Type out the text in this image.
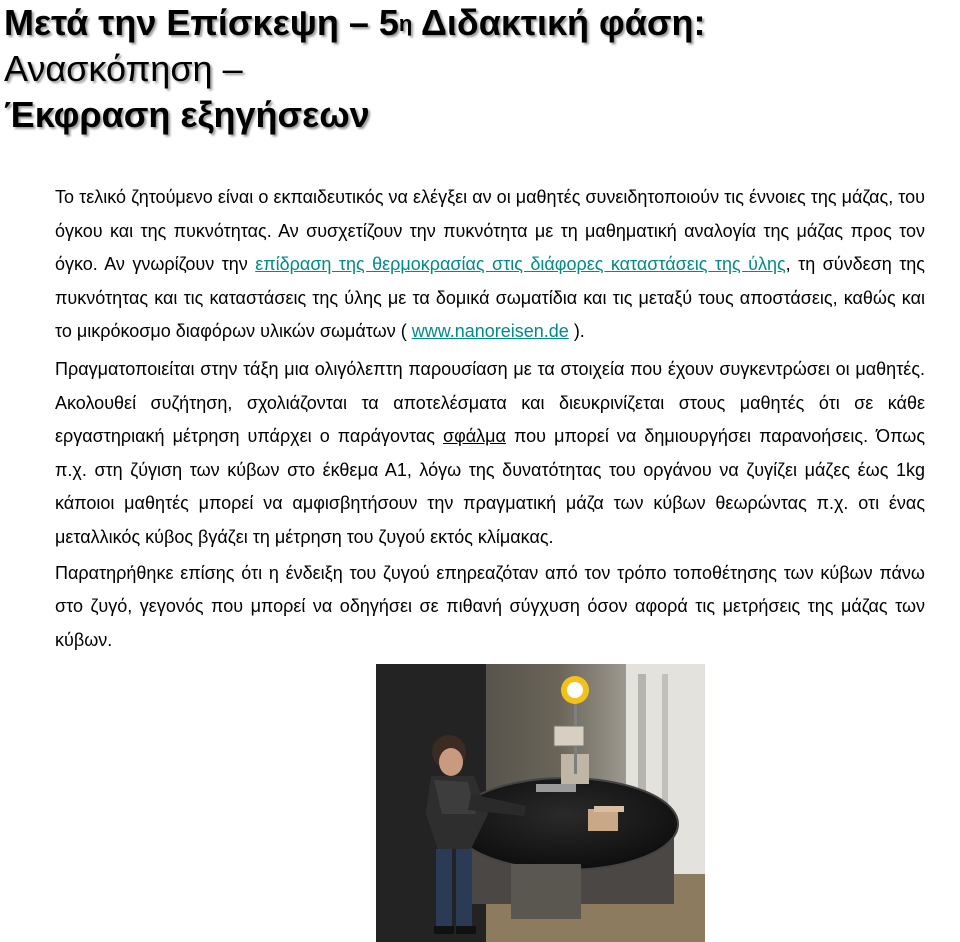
Μετά την Επίσκεψη – $5^\eta$ Διδακτική φάση:
Ανασκόπηση –
Έκφραση εξηγήσεων

Το τελικό ζητούμενο είναι ο εκπαιδευτικός να ελέγξει αν οι μαθητές συνειδητοποιούν τις έννοιες της μάζας, του όγκου και της πυκνότητας. Αν συσχετίζουν την πυκνότητα με τη μαθηματική αναλογία της μάζας προς τον όγκο. Αν γνωρίζουν την επίδραση της θερμοκρασίας στις διάφορες καταστάσεις της ύλης, τη σύνδεση της πυκνότητας και τις καταστάσεις της ύλης με τα δομικά σωματίδια και τις μεταξύ τους αποστάσεις, καθώς και το μικρόκοσμο διαφόρων υλικών σωμάτων ( www.nanoreisen.de ).

Πραγματοποιείται στην τάξη μια ολιγόλεπτη παρουσίαση με τα στοιχεία που έχουν συγκεντρώσει οι μαθητές. Ακολουθεί συζήτηση, σχολιάζονται τα αποτελέσματα και διευκρινίζεται στους μαθητές ότι σε κάθε εργαστηριακή μέτρηση υπάρχει ο παράγοντας σφάλμα που μπορεί να δημιουργήσει παρανοήσεις. Όπως π.χ. στη ζύγιση των κύβων στο έκθεμα Α1, λόγω της δυνατότητας του οργάνου να ζυγίζει μάζες έως 1kg κάποιοι μαθητές μπορεί να αμφισβητήσουν την πραγματική μάζα των κύβων θεωρώντας π.χ. οτι ένας μεταλλικός κύβος βγάζει τη μέτρηση του ζυγού εκτός κλίμακας.

Παρατηρήθηκε επίσης ότι η ένδειξη του ζυγού επηρεαζόταν από τον τρόπο τοποθέτησης των κύβων πάνω στο ζυγό, γεγονός που μπορεί να οδηγήσει σε πιθανή σύγχυση όσον αφορά τις μετρήσεις της μάζας των κύβων.
